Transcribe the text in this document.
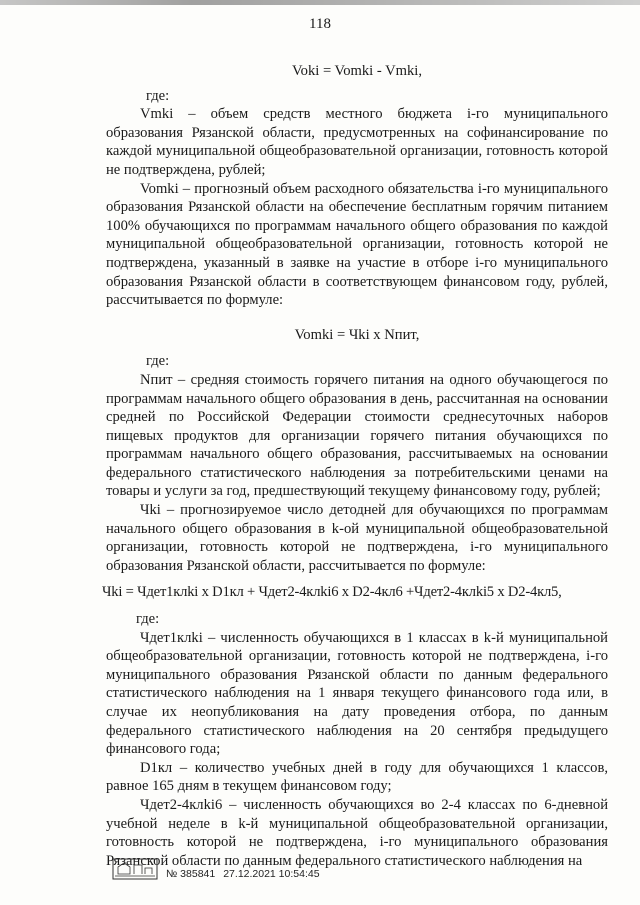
118

Voki = Vomki - Vmki,

где:

Vmki – объем средств местного бюджета i-го муниципального образования Рязанской области, предусмотренных на софинансирование по каждой муниципальной общеобразовательной организации, готовность которой не подтверждена, рублей;

Vomki – прогнозный объем расходного обязательства i-го муниципального образования Рязанской области на обеспечение бесплатным горячим питанием 100% обучающихся по программам начального общего образования по каждой муниципальной общеобразовательной организации, готовность которой не подтверждена, указанный в заявке на участие в отборе i-го муниципального образования Рязанской области в соответствующем финансовом году, рублей, рассчитывается по формуле:

Vomki = Чki x Nпит,

где:

Nпит – средняя стоимость горячего питания на одного обучающегося по программам начального общего образования в день, рассчитанная на основании средней по Российской Федерации стоимости среднесуточных наборов пищевых продуктов для организации горячего питания обучающихся по программам начального общего образования, рассчитываемых на основании федерального статистического наблюдения за потребительскими ценами на товары и услуги за год, предшествующий текущему финансовому году, рублей;

Чki – прогнозируемое число детодней для обучающихся по программам начального общего образования в k-ой муниципальной общеобразовательной организации, готовность которой не подтверждена, i-го муниципального образования Рязанской области, рассчитывается по формуле:

Чki = Чдет1клki x D1кл + Чдет2-4клki6 x D2-4кл6 +Чдет2-4клki5 x D2-4кл5,

где:

Чдет1клki – численность обучающихся в 1 классах в k-й муниципальной общеобразовательной организации, готовность которой не подтверждена, i-го муниципального образования Рязанской области по данным федерального статистического наблюдения на 1 января текущего финансового года или, в случае их неопубликования на дату проведения отбора, по данным федерального статистического наблюдения на 20 сентября предыдущего финансового года;

D1кл – количество учебных дней в году для обучающихся 1 классов, равное 165 дням в текущем финансовом году;

Чдет2-4клki6 – численность обучающихся во 2-4 классах по 6-дневной учебной неделе в k-й муниципальной общеобразовательной организации, готовность которой не подтверждена, i-го муниципального образования Рязанской области по данным федерального статистического наблюдения на

№ 385841 27.12.2021 10:54:45
